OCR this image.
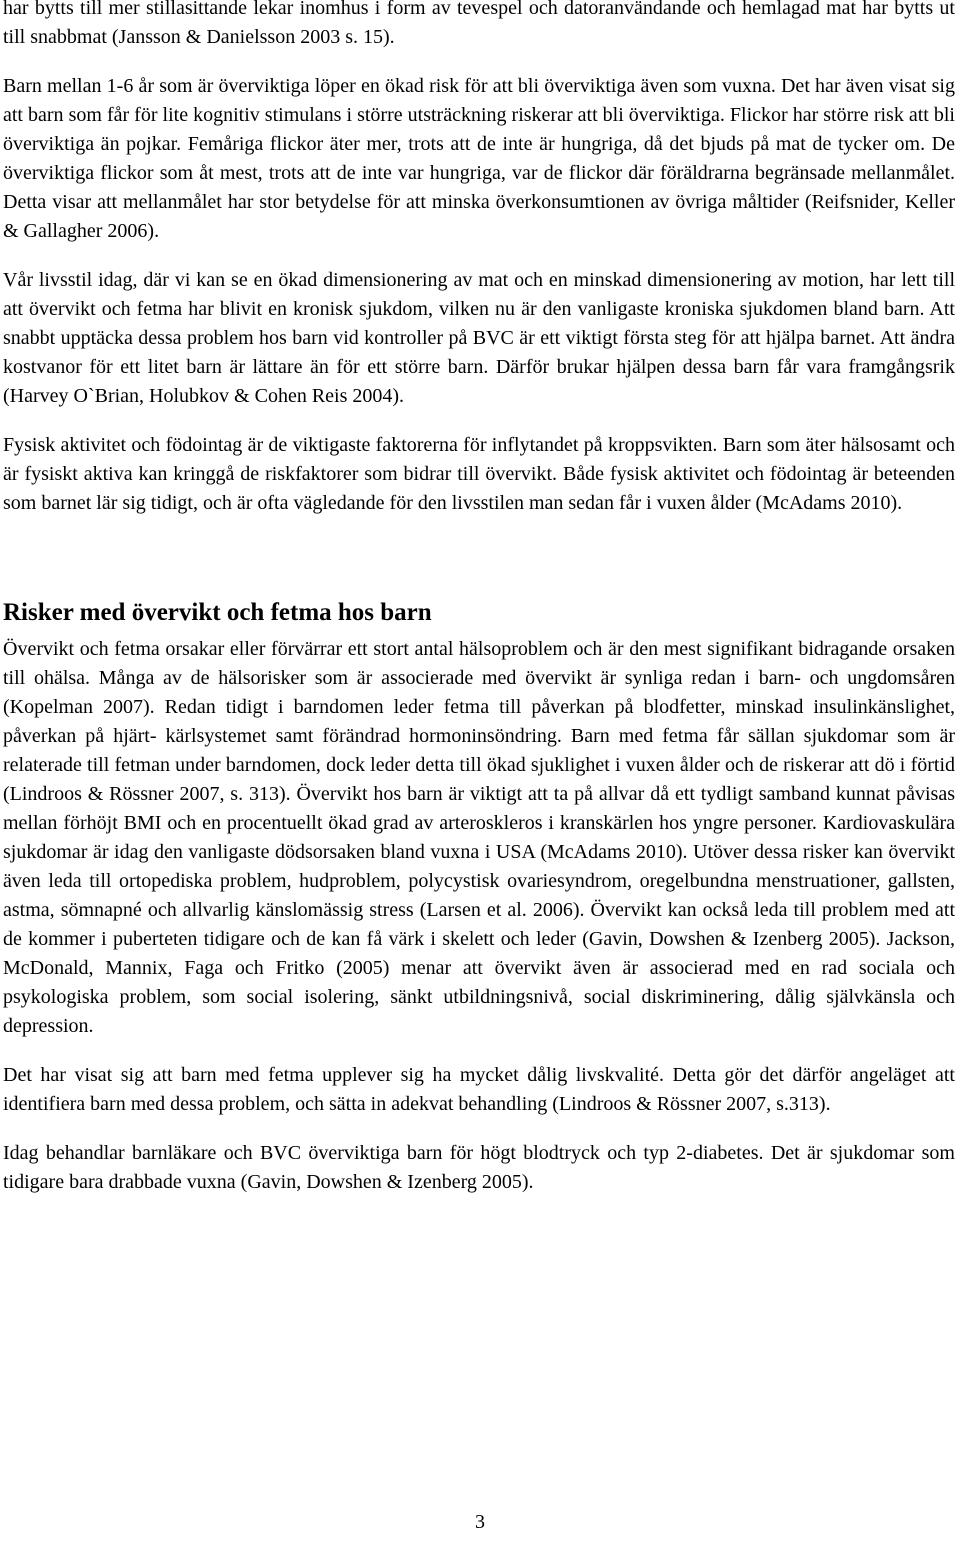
har bytts till mer stillasittande lekar inomhus i form av tevespel och datoranvändande och hemlagad mat har bytts ut till snabbmat (Jansson & Danielsson 2003 s. 15).

Barn mellan 1-6 år som är överviktiga löper en ökad risk för att bli överviktiga även som vuxna. Det har även visat sig att barn som får för lite kognitiv stimulans i större utsträckning riskerar att bli överviktiga. Flickor har större risk att bli överviktiga än pojkar. Femåriga flickor äter mer, trots att de inte är hungriga, då det bjuds på mat de tycker om. De överviktiga flickor som åt mest, trots att de inte var hungriga, var de flickor där föräldrarna begränsade mellanmålet. Detta visar att mellanmålet har stor betydelse för att minska överkonsumtionen av övriga måltider (Reifsnider, Keller & Gallagher 2006).

Vår livsstil idag, där vi kan se en ökad dimensionering av mat och en minskad dimensionering av motion, har lett till att övervikt och fetma har blivit en kronisk sjukdom, vilken nu är den vanligaste kroniska sjukdomen bland barn. Att snabbt upptäcka dessa problem hos barn vid kontroller på BVC är ett viktigt första steg för att hjälpa barnet. Att ändra kostvanor för ett litet barn är lättare än för ett större barn. Därför brukar hjälpen dessa barn får vara framgångsrik (Harvey O`Brian, Holubkov & Cohen Reis 2004).

Fysisk aktivitet och födointag är de viktigaste faktorerna för inflytandet på kroppsvikten. Barn som äter hälsosamt och är fysiskt aktiva kan kringgå de riskfaktorer som bidrar till övervikt. Både fysisk aktivitet och födointag är beteenden som barnet lär sig tidigt, och är ofta vägledande för den livsstilen man sedan får i vuxen ålder (McAdams 2010).

Risker med övervikt och fetma hos barn

Övervikt och fetma orsakar eller förvärrar ett stort antal hälsoproblem och är den mest signifikant bidragande orsaken till ohälsa. Många av de hälsorisker som är associerade med övervikt är synliga redan i barn- och ungdomsåren (Kopelman 2007). Redan tidigt i barndomen leder fetma till påverkan på blodfetter, minskad insulinkänslighet, påverkan på hjärt- kärlsystemet samt förändrad hormoninsöndring. Barn med fetma får sällan sjukdomar som är relaterade till fetman under barndomen, dock leder detta till ökad sjuklighet i vuxen ålder och de riskerar att dö i förtid (Lindroos & Rössner 2007, s. 313). Övervikt hos barn är viktigt att ta på allvar då ett tydligt samband kunnat påvisas mellan förhöjt BMI och en procentuellt ökad grad av arteroskleros i kranskärlen hos yngre personer. Kardiovaskulära sjukdomar är idag den vanligaste dödsorsaken bland vuxna i USA (McAdams 2010). Utöver dessa risker kan övervikt även leda till ortopediska problem, hudproblem, polycystisk ovariesyndrom, oregelbundna menstruationer, gallsten, astma, sömnapné och allvarlig känslomässig stress (Larsen et al. 2006). Övervikt kan också leda till problem med att de kommer i puberteten tidigare och de kan få värk i skelett och leder (Gavin, Dowshen & Izenberg 2005). Jackson, McDonald, Mannix, Faga och Fritko (2005) menar att övervikt även är associerad med en rad sociala och psykologiska problem, som social isolering, sänkt utbildningsnivå, social diskriminering, dålig självkänsla och depression.

Det har visat sig att barn med fetma upplever sig ha mycket dålig livskvalité. Detta gör det därför angeläget att identifiera barn med dessa problem, och sätta in adekvat behandling (Lindroos & Rössner 2007, s.313).

Idag behandlar barnläkare och BVC överviktiga barn för högt blodtryck och typ 2-diabetes. Det är sjukdomar som tidigare bara drabbade vuxna (Gavin, Dowshen & Izenberg 2005).

3
